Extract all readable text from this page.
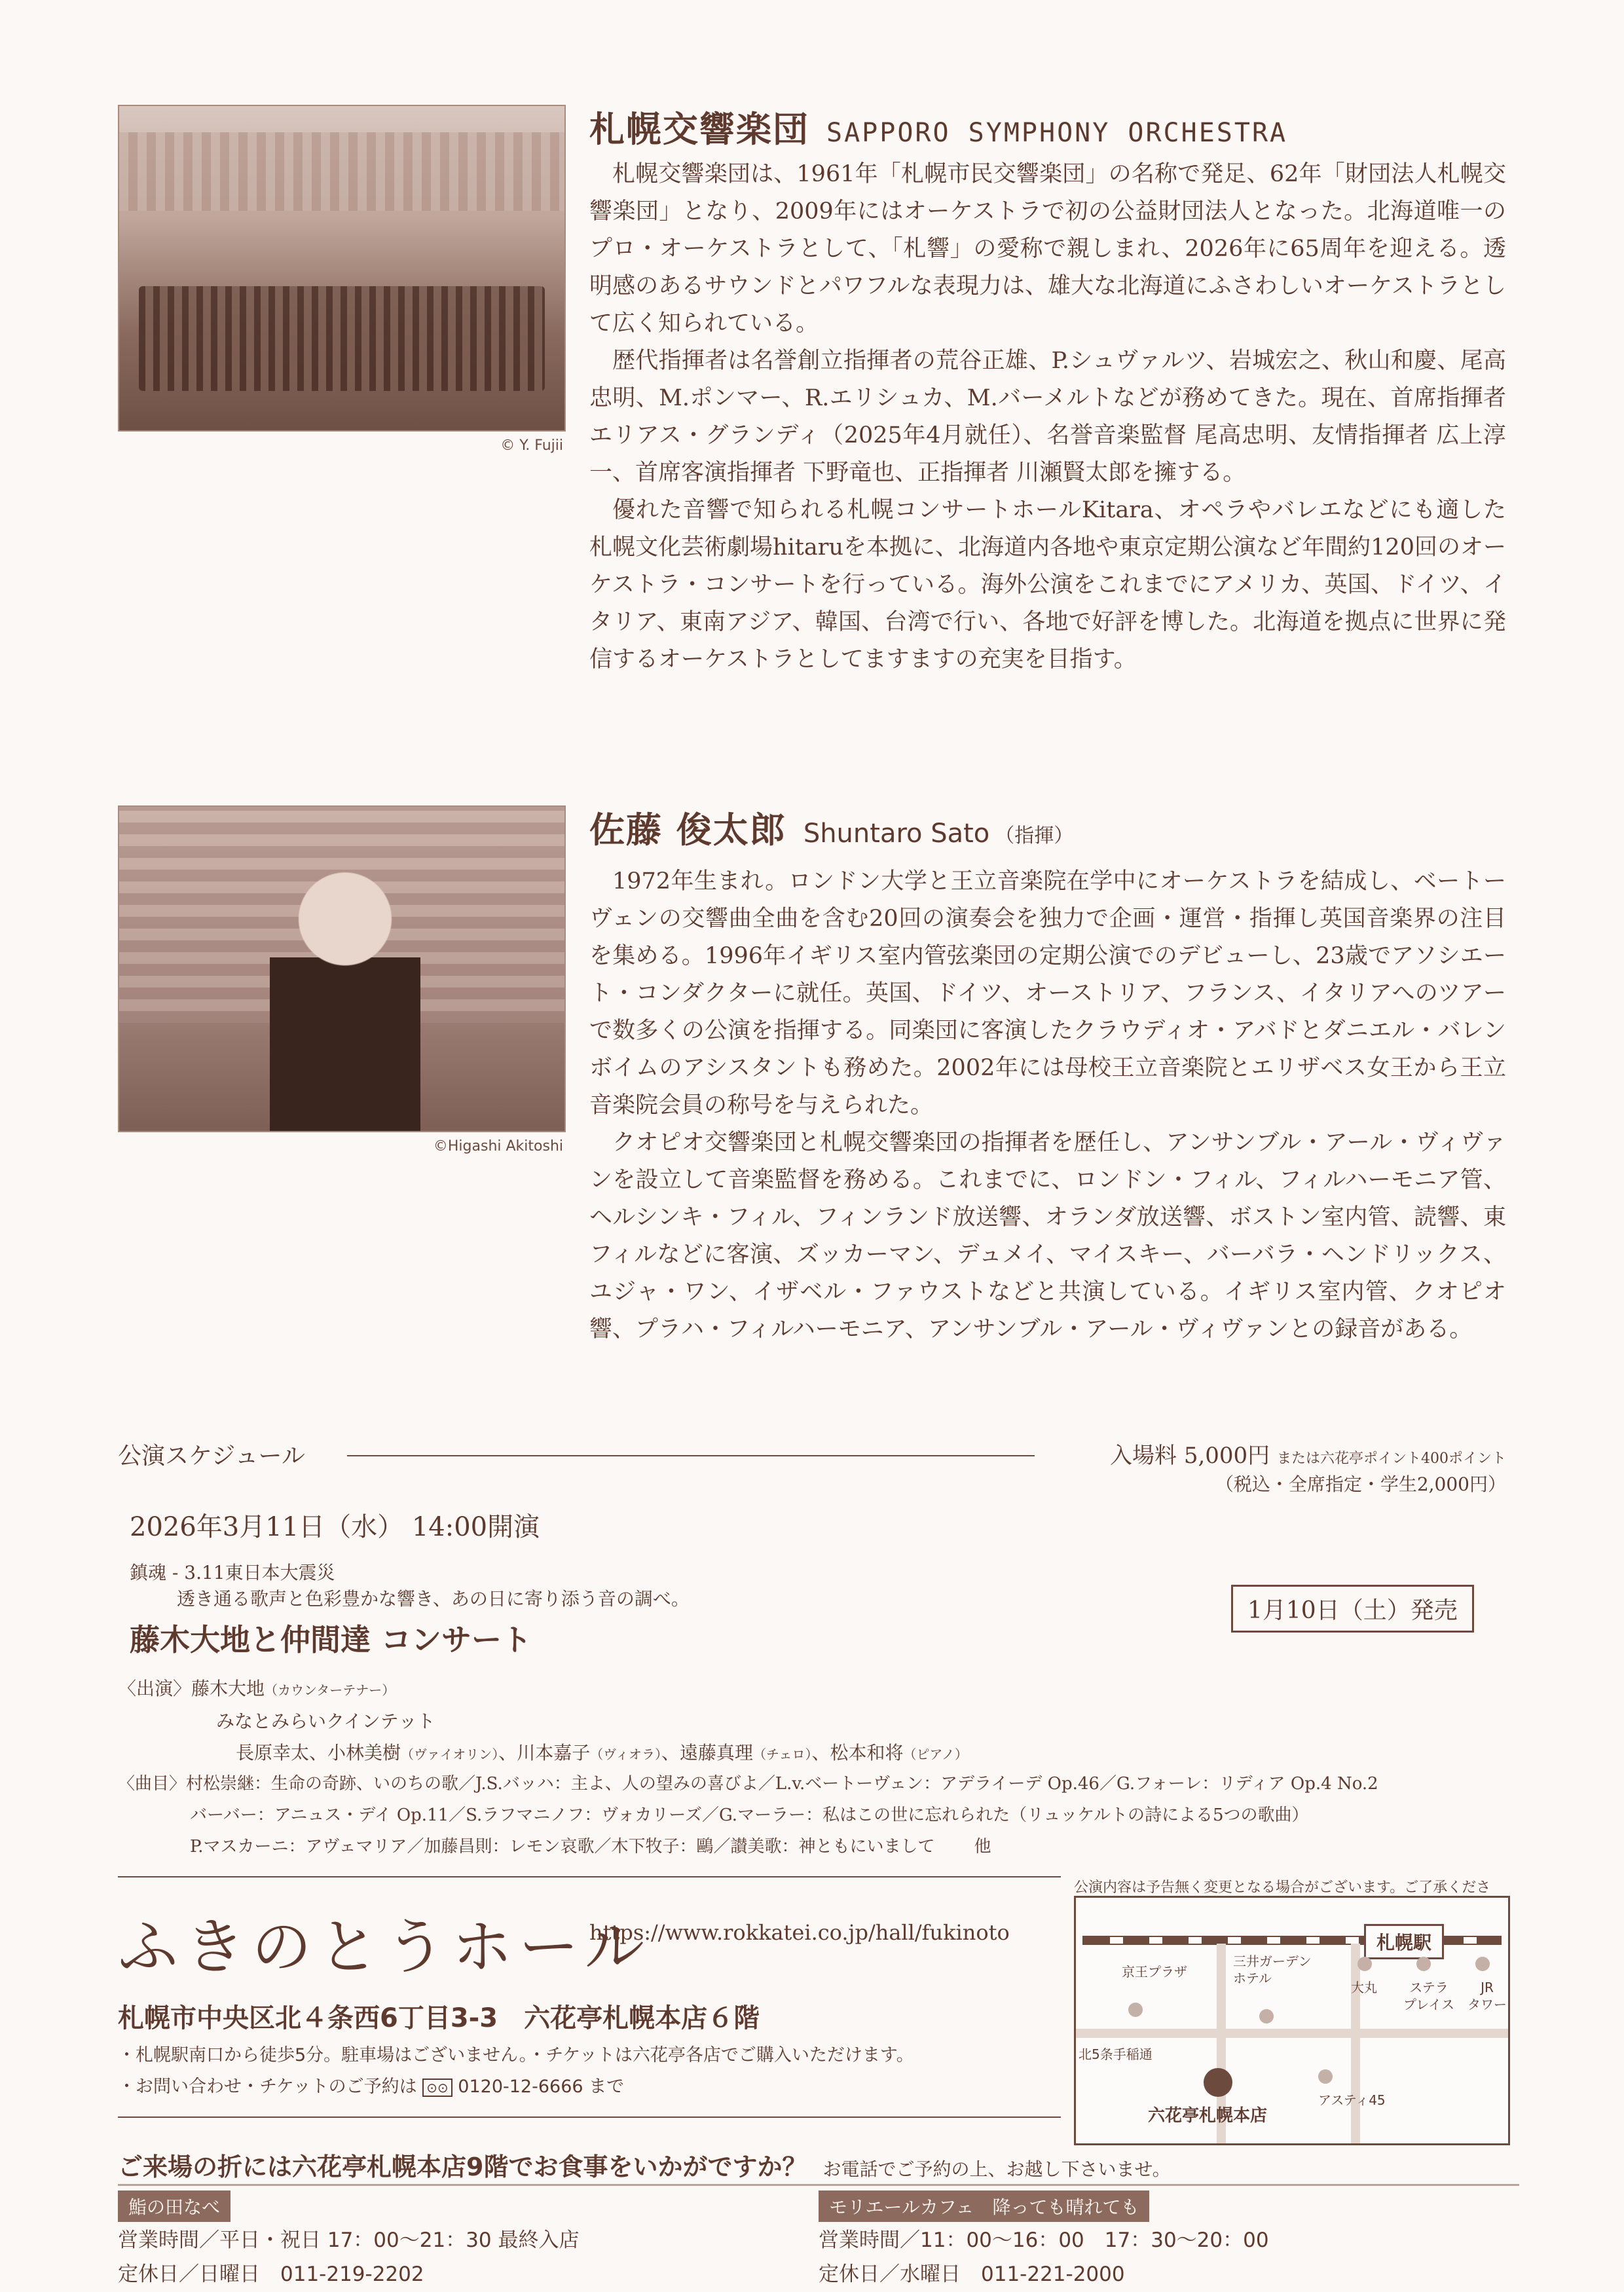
© Y. Fujii
札幌交響楽団 SAPPORO SYMPHONY ORCHESTRA

札幌交響楽団は、1961年「札幌市民交響楽団」の名称で発足、62年「財団法人札幌交響楽団」となり、2009年にはオーケストラで初の公益財団法人となった。北海道唯一のプロ・オーケストラとして、「札響」の愛称で親しまれ、2026年に65周年を迎える。透明感のあるサウンドとパワフルな表現力は、雄大な北海道にふさわしいオーケストラとして広く知られている。

歴代指揮者は名誉創立指揮者の荒谷正雄、P.シュヴァルツ、岩城宏之、秋山和慶、尾高忠明、M.ポンマー、R.エリシュカ、M.バーメルトなどが務めてきた。現在、首席指揮者 エリアス・グランディ（2025年4月就任）、名誉音楽監督 尾高忠明、友情指揮者 広上淳一、首席客演指揮者 下野竜也、正指揮者 川瀬賢太郎を擁する。

優れた音響で知られる札幌コンサートホールKitara、オペラやバレエなどにも適した札幌文化芸術劇場hitaruを本拠に、北海道内各地や東京定期公演など年間約120回のオーケストラ・コンサートを行っている。海外公演をこれまでにアメリカ、英国、ドイツ、イタリア、東南アジア、韓国、台湾で行い、各地で好評を博した。北海道を拠点に世界に発信するオーケストラとしてますますの充実を目指す。

©Higashi Akitoshi
佐藤 俊太郎 Shuntaro Sato （指揮）

1972年生まれ。ロンドン大学と王立音楽院在学中にオーケストラを結成し、ベートーヴェンの交響曲全曲を含む20回の演奏会を独力で企画・運営・指揮し英国音楽界の注目を集める。1996年イギリス室内管弦楽団の定期公演でのデビューし、23歳でアソシエート・コンダクターに就任。英国、ドイツ、オーストリア、フランス、イタリアへのツアーで数多くの公演を指揮する。同楽団に客演したクラウディオ・アバドとダニエル・バレンボイムのアシスタントも務めた。2002年には母校王立音楽院とエリザベス女王から王立音楽院会員の称号を与えられた。

クオピオ交響楽団と札幌交響楽団の指揮者を歴任し、アンサンブル・アール・ヴィヴァンを設立して音楽監督を務める。これまでに、ロンドン・フィル、フィルハーモニア管、ヘルシンキ・フィル、フィンランド放送響、オランダ放送響、ボストン室内管、読響、東フィルなどに客演、ズッカーマン、デュメイ、マイスキー、バーバラ・ヘンドリックス、ユジャ・ワン、イザベル・ファウストなどと共演している。イギリス室内管、クオピオ響、プラハ・フィルハーモニア、アンサンブル・アール・ヴィヴァンとの録音がある。

公演スケジュール	入場料 5,000円 または六花亭ポイント400ポイント
（税込・全席指定・学生2,000円）
2026年3月11日（水） 14:00開演
鎮魂 - 3.11東日本大震災
透き通る歌声と色彩豊かな響き、あの日に寄り添う音の調べ。	1月10日（土）発売
藤木大地と仲間達 コンサート
〈出演〉藤木大地（カウンターテナー）
みなとみらいクインテット
長原幸太、小林美樹（ヴァイオリン）、川本嘉子（ヴィオラ）、遠藤真理（チェロ）、松本和将（ピアノ）
〈曲目〉村松崇継：生命の奇跡、いのちの歌／J.S.バッハ：主よ、人の望みの喜びよ／L.v.ベートーヴェン：アデライーデ Op.46／G.フォーレ：リディア Op.4 No.2
バーバー：アニュス・デイ Op.11／S.ラフマニノフ：ヴォカリーズ／G.マーラー：私はこの世に忘れられた（リュッケルトの詩による5つの歌曲）
P.マスカーニ：アヴェマリア／加藤昌則：レモン哀歌／木下牧子：鷗／讃美歌：神ともにいまして 他
公演内容は予告無く変更となる場合がございます。ご了承くださ
ふきのとうホール
https://www.rokkatei.co.jp/hall/fukinoto
札幌市中央区北４条西6丁目3-3　六花亭札幌本店６階
・札幌駅南口から徒歩5分。駐車場はございません。・チケットは六花亭各店でご購入いただけます。
・お問い合わせ・チケットのご予約は ⊙⊙ 0120-12-6666 まで
札幌駅
京王プラザ
三井ガーデン
ホテル
大丸	ステラ
プレイス
JR
タワー
北5条手稲通
六花亭札幌本店
アスティ45
ご来場の折には六花亭札幌本店9階でお食事をいかがですか？ お電話でご予約の上、お越し下さいませ。
鮨の田なべ	モリエールカフェ　降っても晴れても
営業時間／平日・祝日 17：00〜21：30 最終入店
定休日／日曜日　011-219-2202
営業時間／11：00〜16：00　17：30〜20：00
定休日／水曜日　011-221-2000
